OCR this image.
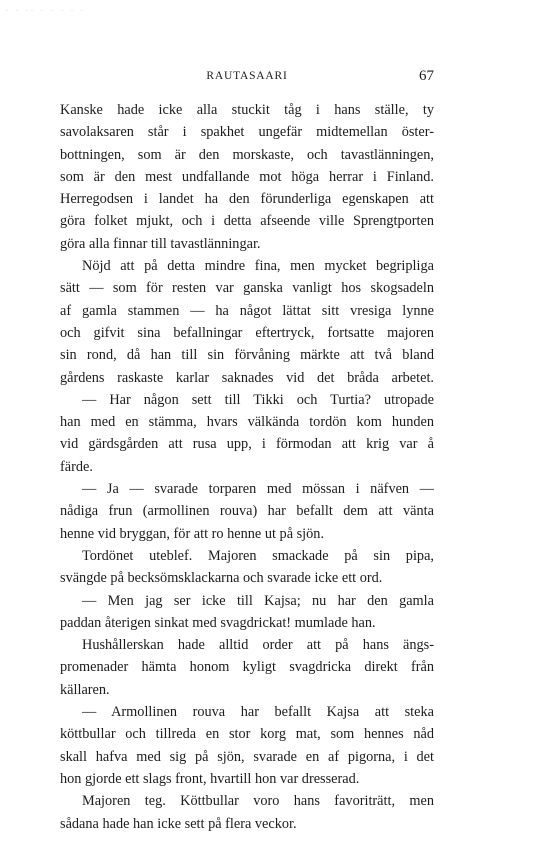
. . .. . . . . .
RAUTASAARI	67
Kanske hade icke alla stuckit tåg i hans ställe, ty
savolaksaren står i spakhet ungefär midtemellan öster-
bottningen, som är den morskaste, och tavastlänningen,
som är den mest undfallande mot höga herrar i Finland.
Herregodsen i landet ha den förunderliga egenskapen att
göra folket mjukt, och i detta afseende ville Sprengtporten
göra alla finnar till tavastlänningar.
Nöjd att på detta mindre fina, men mycket begripliga
sätt — som för resten var ganska vanligt hos skogsadeln
af gamla stammen — ha något lättat sitt vresiga lynne
och gifvit sina befallningar eftertryck, fortsatte majoren
sin rond, då han till sin förvåning märkte att två bland
gårdens raskaste karlar saknades vid det bråda arbetet.
— Har någon sett till Tikki och Turtia? utropade
han med en stämma, hvars välkända tordön kom hunden
vid gärdsgården att rusa upp, i förmodan att krig var å
färde.
— Ja — svarade torparen med mössan i näfven —
nådiga frun (armollinen rouva) har befallt dem att vänta
henne vid bryggan, för att ro henne ut på sjön.
Tordönet uteblef. Majoren smackade på sin pipa,
svängde på becksömsklackarna och svarade icke ett ord.
— Men jag ser icke till Kajsa; nu har den gamla
paddan återigen sinkat med svagdrickat! mumlade han.
Hushållerskan hade alltid order att på hans ängs-
promenader hämta honom kyligt svagdricka direkt från
källaren.
— Armollinen rouva har befallt Kajsa att steka
köttbullar och tillreda en stor korg mat, som hennes nåd
skall hafva med sig på sjön, svarade en af pigorna, i det
hon gjorde ett slags front, hvartill hon var dresserad.
Majoren teg. Köttbullar voro hans favoriträtt, men
sådana hade han icke sett på flera veckor.
